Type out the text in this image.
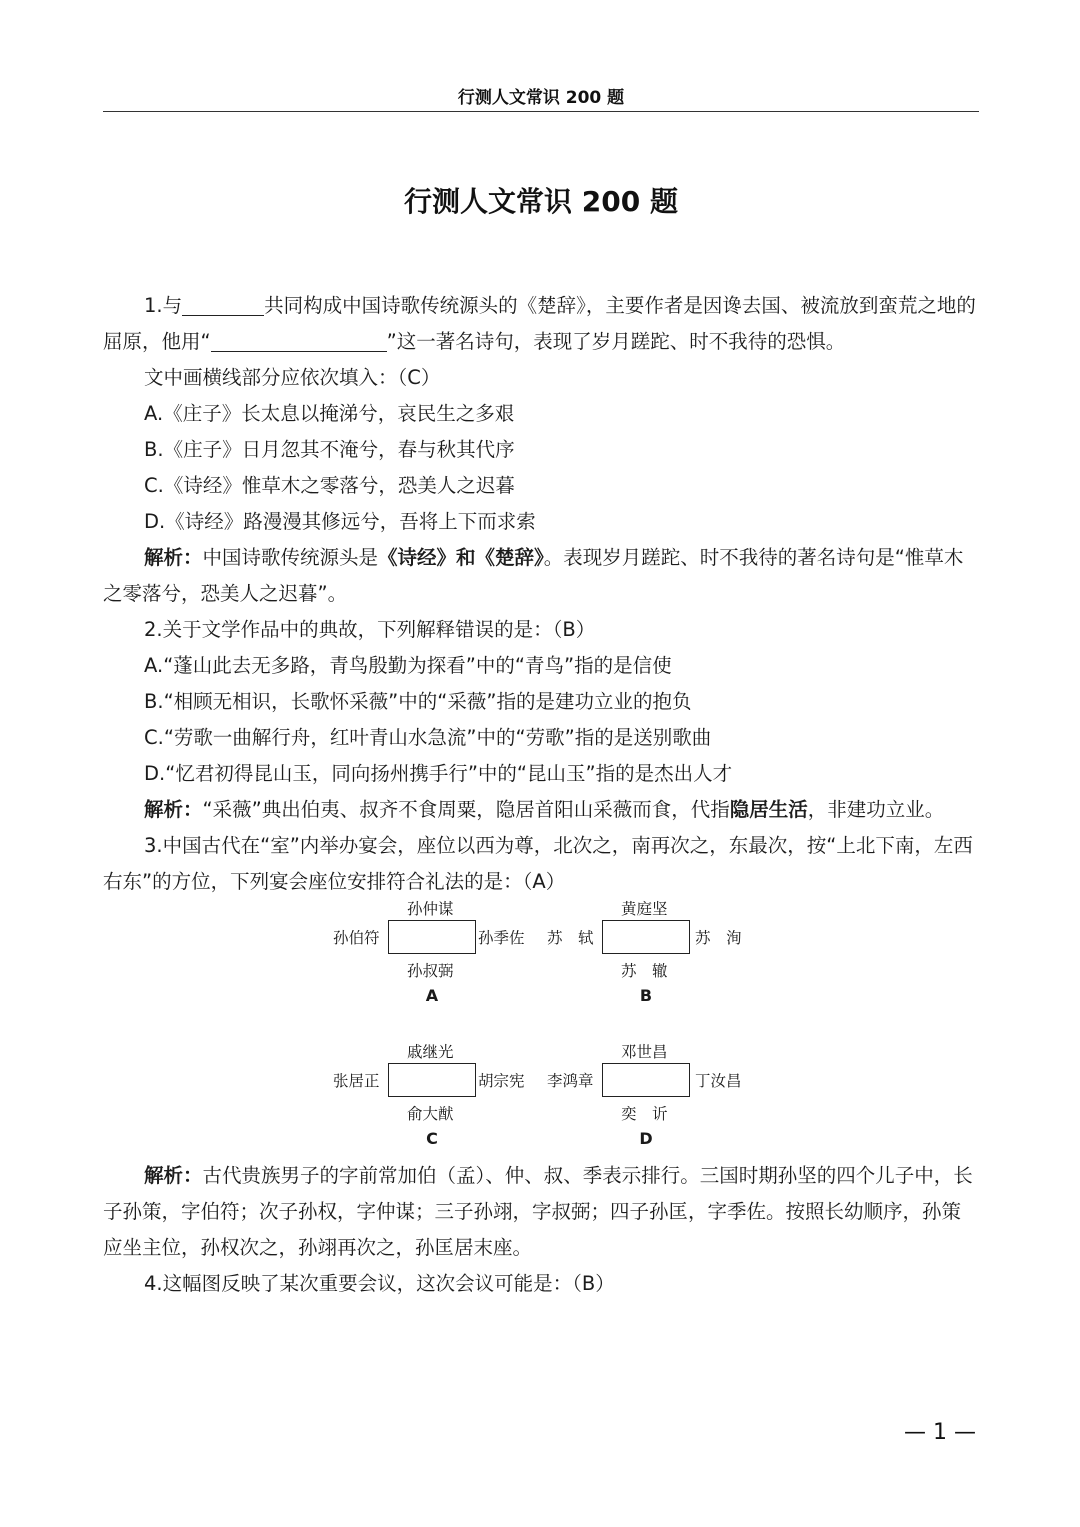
行测人文常识 200 题
行测人文常识 200 题

1.与	共同构成中国诗歌传统源头的《楚辞》，主要作者是因谗去国、被流放到蛮荒之地的屈原，他用“	”这一著名诗句，表现了岁月蹉跎、时不我待的恐惧。

文中画横线部分应依次填入：（C）

A.《庄子》长太息以掩涕兮，哀民生之多艰

B.《庄子》日月忽其不淹兮，春与秋其代序

C.《诗经》惟草木之零落兮，恐美人之迟暮

D.《诗经》路漫漫其修远兮，吾将上下而求索

解析：中国诗歌传统源头是《诗经》和《楚辞》。表现岁月蹉跎、时不我待的著名诗句是“惟草木之零落兮，恐美人之迟暮”。

2.关于文学作品中的典故，下列解释错误的是：（B）

A.“蓬山此去无多路，青鸟殷勤为探看”中的“青鸟”指的是信使

B.“相顾无相识，长歌怀采薇”中的“采薇”指的是建功立业的抱负

C.“劳歌一曲解行舟，红叶青山水急流”中的“劳歌”指的是送别歌曲

D.“忆君初得昆山玉，同向扬州携手行”中的“昆山玉”指的是杰出人才

解析：“采薇”典出伯夷、叔齐不食周粟，隐居首阳山采薇而食，代指隐居生活，非建功立业。

3.中国古代在“室”内举办宴会，座位以西为尊，北次之，南再次之，东最次，按“上北下南，左西右东”的方位，下列宴会座位安排符合礼法的是：（A）

孙仲谋
孙伯符	孙季佐
孙叔弼
A
黄庭坚
苏　轼	苏　洵
苏　辙
B
戚继光
张居正	胡宗宪
俞大猷
C
邓世昌
李鸿章	丁汝昌
奕　䜣
D

解析：古代贵族男子的字前常加伯（孟）、仲、叔、季表示排行。三国时期孙坚的四个儿子中，长子孙策，字伯符；次子孙权，字仲谋；三子孙翊，字叔弼；四子孙匡，字季佐。按照长幼顺序，孙策应坐主位，孙权次之，孙翊再次之，孙匡居末座。

4.这幅图反映了某次重要会议，这次会议可能是：（B）

— 1 —
